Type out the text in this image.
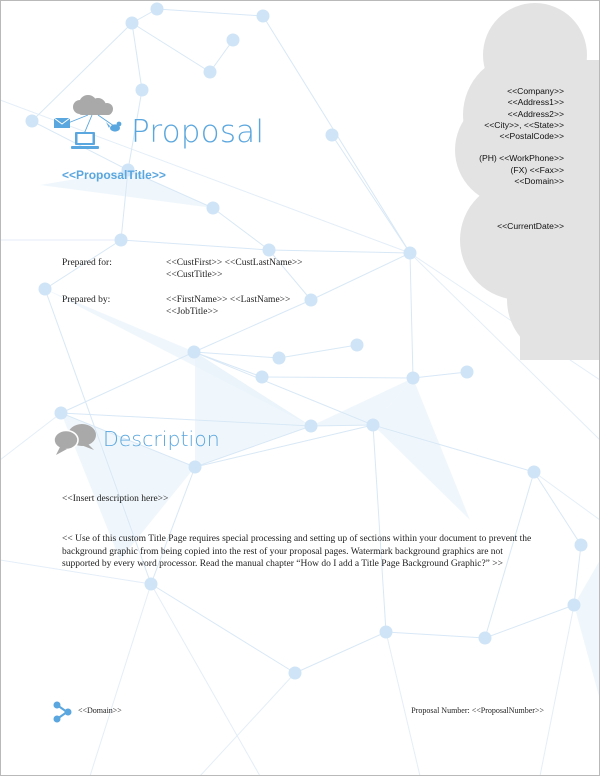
<<Company>>
<<Address1>>
<<Address2>>
<<City>>, <<State>>
<<PostalCode>>
(PH) <<WorkPhone>>
(FX) <<Fax>>
<<Domain>>
<<CurrentDate>>
Proposal
<<ProposalTitle>>
Prepared for:	<<CustFirst>> <<CustLastName>>
<<CustTitle>>
Prepared by:	<<FirstName>> <<LastName>>
<<JobTitle>>
Description
<<Insert description here>>
<< Use of this custom Title Page requires special processing and setting up of sections within your document to prevent the background graphic from being copied into the rest of your proposal pages. Watermark background graphics are not supported by every word processor. Read the manual chapter “How do I add a Title Page Background Graphic?” >>
<<Domain>>	Proposal Number: <<ProposalNumber>>
